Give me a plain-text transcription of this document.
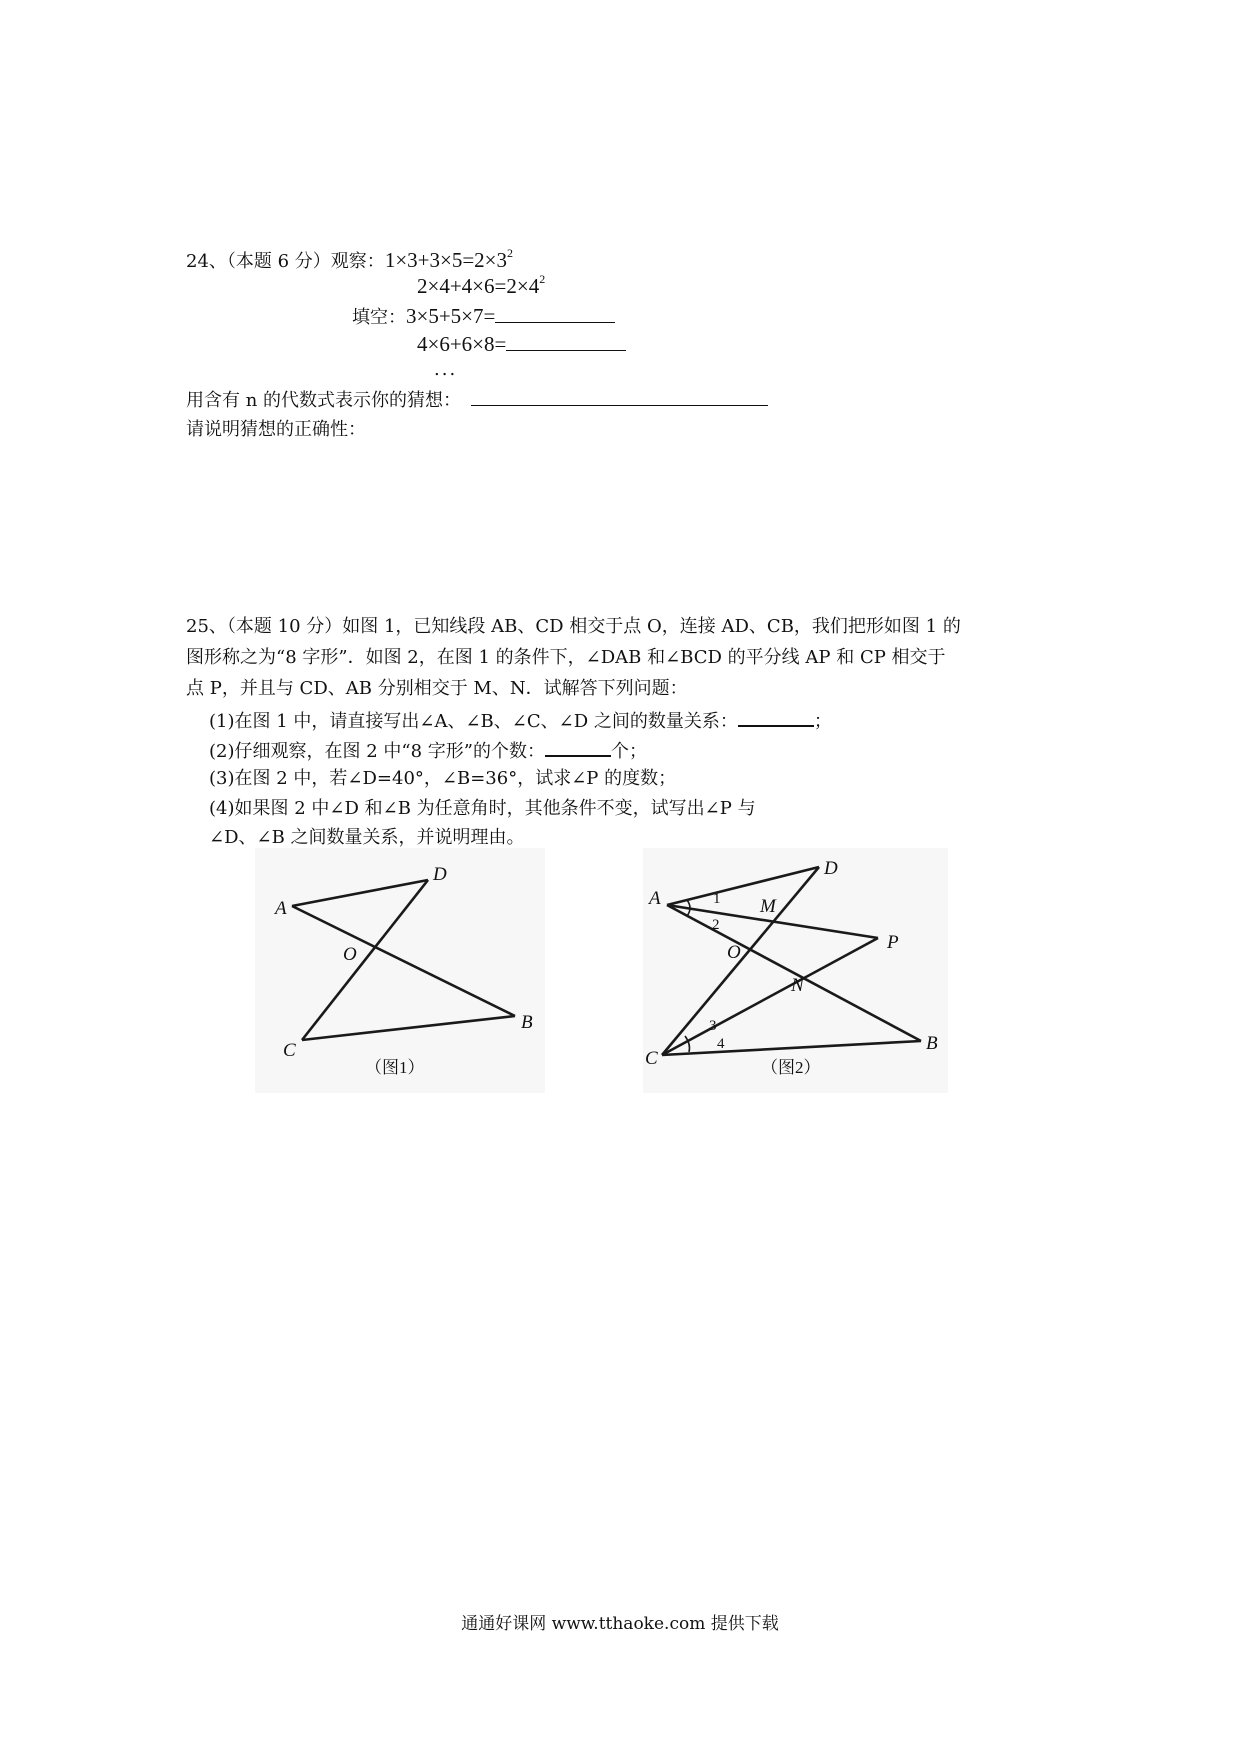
24、（本题 6 分）观察：$1\times 3+3\times 5=2\times 3^2$
$2\times 4+4\times 6=2\times 4^2$
填空：3×5+5×7=
4×6+6×8=
...
用含有 n 的代数式表示你的猜想：
请说明猜想的正确性：
25、（本题 10 分）如图 1，已知线段 AB、CD 相交于点 O，连接 AD、CB，我们把形如图 1 的
图形称之为“8 字形”．如图 2，在图 1 的条件下，∠DAB 和∠BCD 的平分线 AP 和 CP 相交于
点 P，并且与 CD、AB 分别相交于 M、N．试解答下列问题：
(1)在图 1 中，请直接写出∠A、∠B、∠C、∠D 之间的数量关系：	；
(2)仔细观察，在图 2 中“8 字形”的个数：	个；
(3)在图 2 中，若∠D=40°，∠B=36°，试求∠P 的度数；
(4)如果图 2 中∠D 和∠B 为任意角时，其他条件不变，试写出∠P 与
∠D、∠B 之间数量关系，并说明理由。
A
D
O
C
B
（图1）
A
D
M
P
O
N
C
B
1
2
3
4
（图2）
通通好课网 www.tthaoke.com 提供下载
